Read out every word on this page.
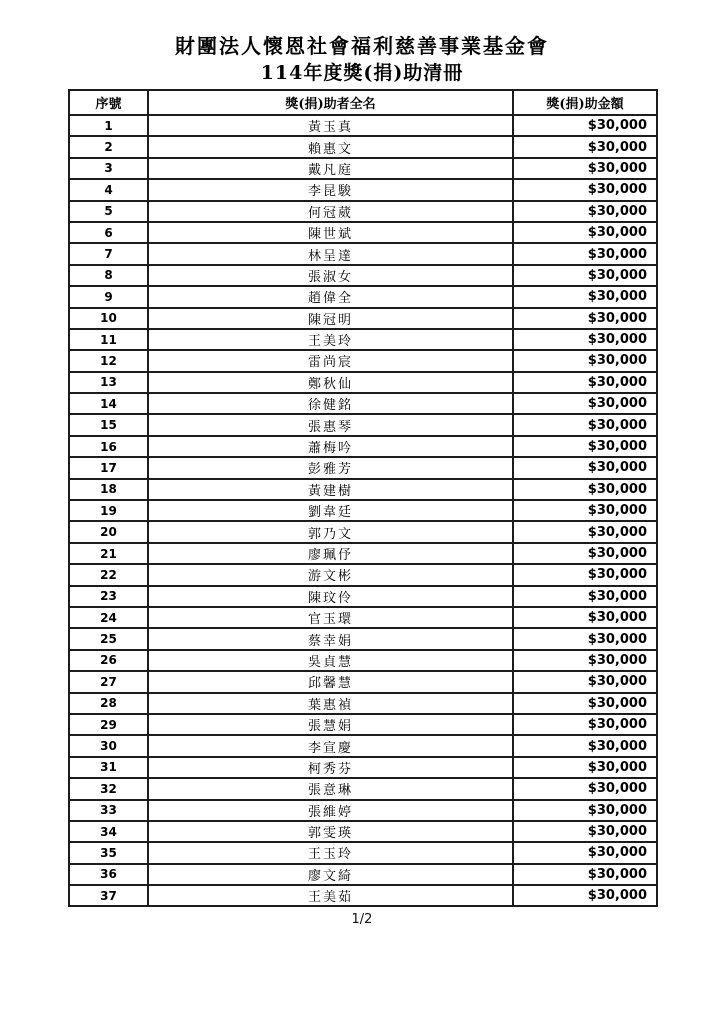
財團法人懷恩社會福利慈善事業基金會
114年度獎(捐)助清冊
序號	獎(捐)助者全名	獎(捐)助金額
1	黃玉真	$30,000
2	賴惠文	$30,000
3	戴凡庭	$30,000
4	李昆駿	$30,000
5	何冠葳	$30,000
6	陳世斌	$30,000
7	林呈達	$30,000
8	張淑女	$30,000
9	趙偉全	$30,000
10	陳冠明	$30,000
11	王美玲	$30,000
12	雷尚宸	$30,000
13	鄭秋仙	$30,000
14	徐健銘	$30,000
15	張惠琴	$30,000
16	蕭梅吟	$30,000
17	彭雅芳	$30,000
18	黃建樹	$30,000
19	劉韋廷	$30,000
20	郭乃文	$30,000
21	廖珮伃	$30,000
22	游文彬	$30,000
23	陳玟伶	$30,000
24	官玉環	$30,000
25	蔡幸娟	$30,000
26	吳貞慧	$30,000
27	邱馨慧	$30,000
28	葉惠禎	$30,000
29	張慧娟	$30,000
30	李宣慶	$30,000
31	柯秀芬	$30,000
32	張意琳	$30,000
33	張維婷	$30,000
34	郭雯瑛	$30,000
35	王玉玲	$30,000
36	廖文綺	$30,000
37	王美茹	$30,000
1/2
